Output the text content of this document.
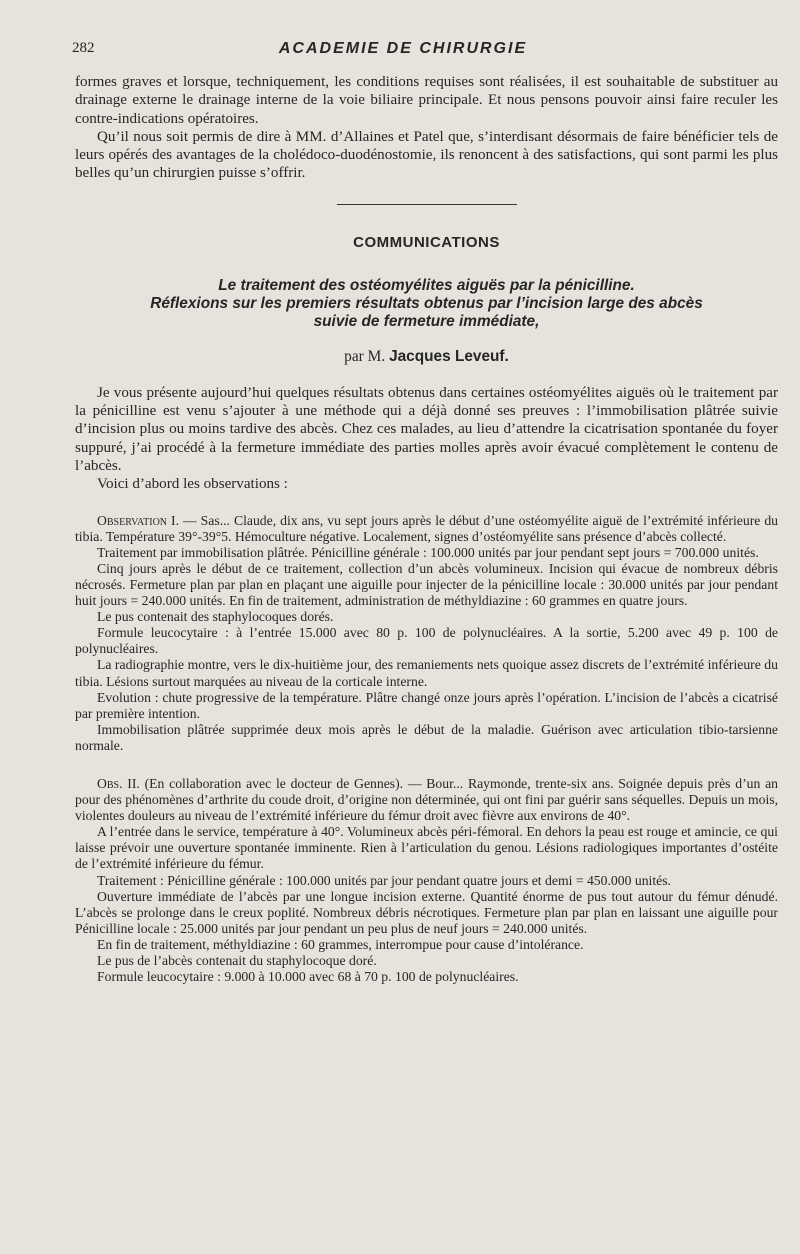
282	ACADEMIE DE CHIRURGIE

formes graves et lorsque, techniquement, les conditions requises sont réalisées, il est souhaitable de substituer au drainage externe le drainage interne de la voie biliaire principale. Et nous pensons pouvoir ainsi faire reculer les contre-indications opératoires.

Qu’il nous soit permis de dire à MM. d’Allaines et Patel que, s’interdisant désormais de faire bénéficier tels de leurs opérés des avantages de la cholédoco-duodénostomie, ils renoncent à des satisfactions, qui sont parmi les plus belles qu’un chirurgien puisse s’offrir.

COMMUNICATIONS
Le traitement des ostéomyélites aiguës par la pénicilline.
Réflexions sur les premiers résultats obtenus par l’incision large des abcès
suivie de fermeture immédiate,
par M. Jacques Leveuf.

Je vous présente aujourd’hui quelques résultats obtenus dans certaines ostéomyélites aiguës où le traitement par la pénicilline est venu s’ajouter à une méthode qui a déjà donné ses preuves : l’immobilisation plâtrée suivie d’incision plus ou moins tardive des abcès. Chez ces malades, au lieu d’attendre la cicatrisation spontanée du foyer suppuré, j’ai procédé à la fermeture immédiate des parties molles après avoir évacué complètement le contenu de l’abcès.

Voici d’abord les observations :

Observation I. — Sas... Claude, dix ans, vu sept jours après le début d’une ostéomyélite aiguë de l’extrémité inférieure du tibia. Température 39°-39°5. Hémoculture négative. Localement, signes d’ostéomyélite sans présence d’abcès collecté.

Traitement par immobilisation plâtrée. Pénicilline générale : 100.000 unités par jour pendant sept jours = 700.000 unités.

Cinq jours après le début de ce traitement, collection d’un abcès volumineux. Incision qui évacue de nombreux débris nécrosés. Fermeture plan par plan en plaçant une aiguille pour injecter de la pénicilline locale : 30.000 unités par jour pendant huit jours = 240.000 unités. En fin de traitement, administration de méthyldiazine : 60 grammes en quatre jours.

Le pus contenait des staphylocoques dorés.

Formule leucocytaire : à l’entrée 15.000 avec 80 p. 100 de polynucléaires. A la sortie, 5.200 avec 49 p. 100 de polynucléaires.

La radiographie montre, vers le dix-huitième jour, des remaniements nets quoique assez discrets de l’extrémité inférieure du tibia. Lésions surtout marquées au niveau de la corticale interne.

Evolution : chute progressive de la température. Plâtre changé onze jours après l’opération. L’incision de l’abcès a cicatrisé par première intention.

Immobilisation plâtrée supprimée deux mois après le début de la maladie. Guérison avec articulation tibio-tarsienne normale.

Obs. II. (En collaboration avec le docteur de Gennes). — Bour... Raymonde, trente-six ans. Soignée depuis près d’un an pour des phénomènes d’arthrite du coude droit, d’origine non déterminée, qui ont fini par guérir sans séquelles. Depuis un mois, violentes douleurs au niveau de l’extrémité inférieure du fémur droit avec fièvre aux environs de 40°.

A l’entrée dans le service, température à 40°. Volumineux abcès péri-fémoral. En dehors la peau est rouge et amincie, ce qui laisse prévoir une ouverture spontanée imminente. Rien à l’articulation du genou. Lésions radiologiques importantes d’ostéite de l’extrémité inférieure du fémur.

Traitement : Pénicilline générale : 100.000 unités par jour pendant quatre jours et demi = 450.000 unités.

Ouverture immédiate de l’abcès par une longue incision externe. Quantité énorme de pus tout autour du fémur dénudé. L’abcès se prolonge dans le creux poplité. Nombreux débris nécrotiques. Fermeture plan par plan en laissant une aiguille pour Pénicilline locale : 25.000 unités par jour pendant un peu plus de neuf jours = 240.000 unités.

En fin de traitement, méthyldiazine : 60 grammes, interrompue pour cause d’intolérance.

Le pus de l’abcès contenait du staphylocoque doré.

Formule leucocytaire : 9.000 à 10.000 avec 68 à 70 p. 100 de polynucléaires.
